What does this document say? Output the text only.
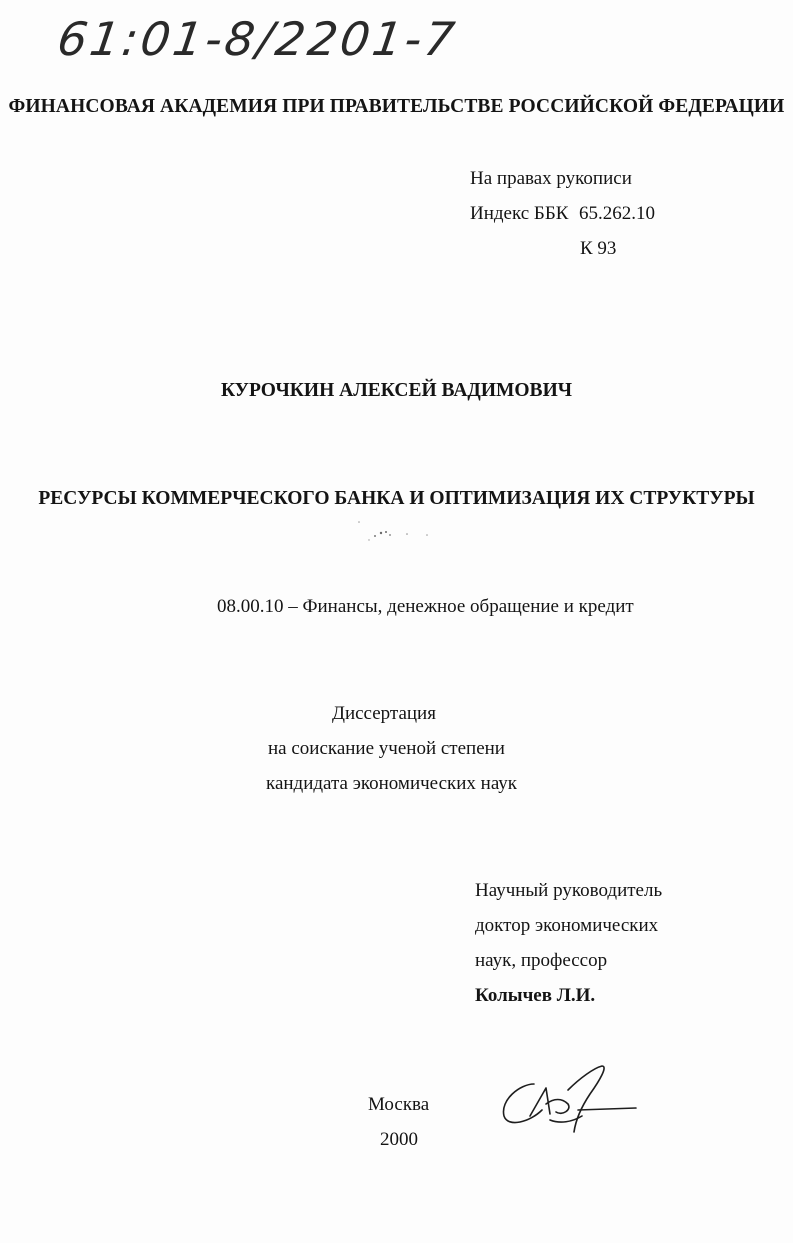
61:01-8/2201-7
ФИНАНСОВАЯ АКАДЕМИЯ ПРИ ПРАВИТЕЛЬСТВЕ РОССИЙСКОЙ ФЕДЕРАЦИИ
На правах рукописи
Индекс ББК 65.262.10
К 93
КУРОЧКИН АЛЕКСЕЙ ВАДИМОВИЧ
РЕСУРСЫ КОММЕРЧЕСКОГО БАНКА И ОПТИМИЗАЦИЯ ИХ СТРУКТУРЫ
08.00.10 – Финансы, денежное обращение и кредит
Диссертация
на соискание ученой степени
кандидата экономических наук
Научный руководитель
доктор экономических
наук, профессор
Колычев Л.И.
Москва
2000
